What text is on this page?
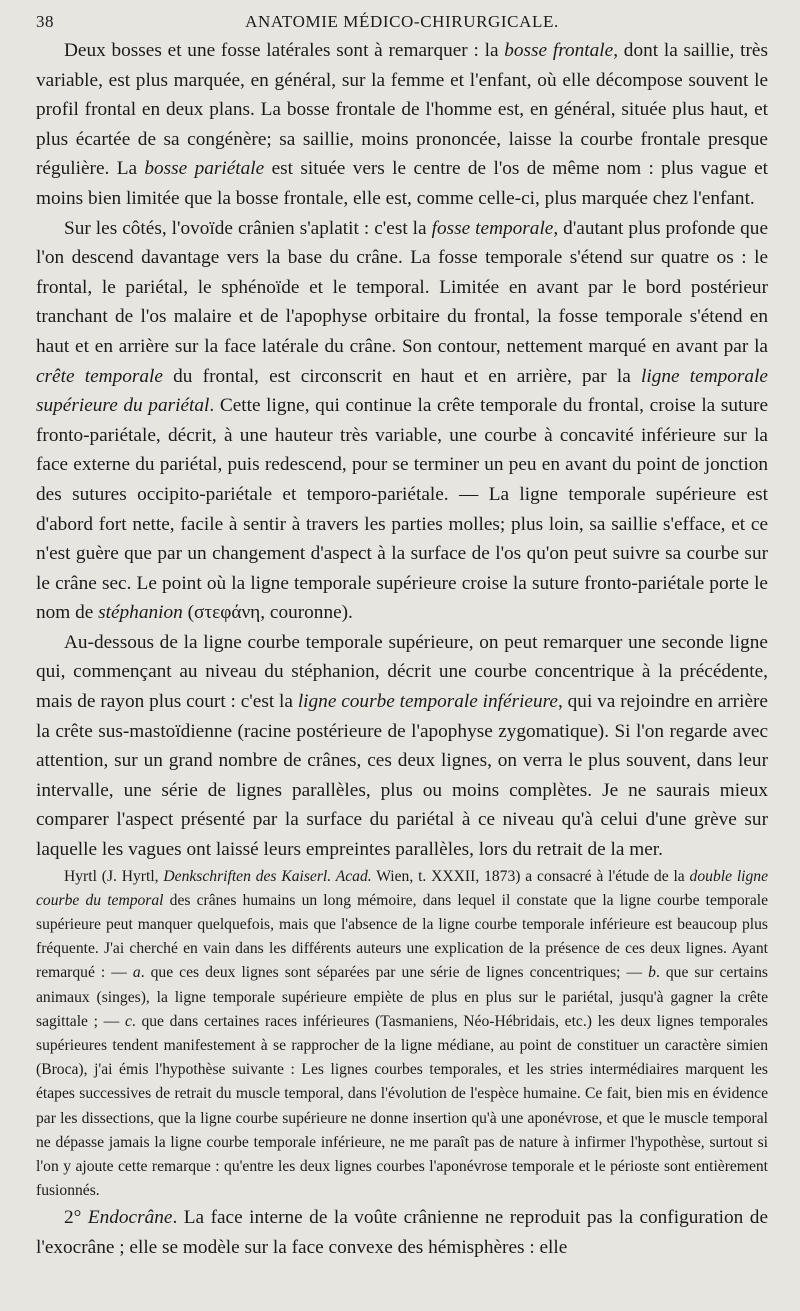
38	ANATOMIE MÉDICO-CHIRURGICALE.

Deux bosses et une fosse latérales sont à remarquer : la bosse frontale, dont la saillie, très variable, est plus marquée, en général, sur la femme et l'enfant, où elle décompose souvent le profil frontal en deux plans. La bosse frontale de l'homme est, en général, située plus haut, et plus écartée de sa congénère; sa saillie, moins prononcée, laisse la courbe frontale presque régulière. La bosse pariétale est située vers le centre de l'os de même nom : plus vague et moins bien limitée que la bosse frontale, elle est, comme celle-ci, plus marquée chez l'enfant.

Sur les côtés, l'ovoïde crânien s'aplatit : c'est la fosse temporale, d'autant plus profonde que l'on descend davantage vers la base du crâne. La fosse temporale s'étend sur quatre os : le frontal, le pariétal, le sphénoïde et le temporal. Limitée en avant par le bord postérieur tranchant de l'os malaire et de l'apophyse orbitaire du frontal, la fosse temporale s'étend en haut et en arrière sur la face latérale du crâne. Son contour, nettement marqué en avant par la crête temporale du frontal, est circonscrit en haut et en arrière, par la ligne temporale supérieure du pariétal. Cette ligne, qui continue la crête temporale du frontal, croise la suture fronto-pariétale, décrit, à une hauteur très variable, une courbe à concavité inférieure sur la face externe du pariétal, puis redescend, pour se terminer un peu en avant du point de jonction des sutures occipito-pariétale et temporo-pariétale. — La ligne temporale supérieure est d'abord fort nette, facile à sentir à travers les parties molles; plus loin, sa saillie s'efface, et ce n'est guère que par un changement d'aspect à la surface de l'os qu'on peut suivre sa courbe sur le crâne sec. Le point où la ligne temporale supérieure croise la suture fronto-pariétale porte le nom de stéphanion (στεφάνη, couronne).

Au-dessous de la ligne courbe temporale supérieure, on peut remarquer une seconde ligne qui, commençant au niveau du stéphanion, décrit une courbe concentrique à la précédente, mais de rayon plus court : c'est la ligne courbe temporale inférieure, qui va rejoindre en arrière la crête sus-mastoïdienne (racine postérieure de l'apophyse zygomatique). Si l'on regarde avec attention, sur un grand nombre de crânes, ces deux lignes, on verra le plus souvent, dans leur intervalle, une série de lignes parallèles, plus ou moins complètes. Je ne saurais mieux comparer l'aspect présenté par la surface du pariétal à ce niveau qu'à celui d'une grève sur laquelle les vagues ont laissé leurs empreintes parallèles, lors du retrait de la mer.

Hyrtl (J. Hyrtl, Denkschriften des Kaiserl. Acad. Wien, t. XXXII, 1873) a consacré à l'étude de la double ligne courbe du temporal des crânes humains un long mémoire, dans lequel il constate que la ligne courbe temporale supérieure peut manquer quelquefois, mais que l'absence de la ligne courbe temporale inférieure est beaucoup plus fréquente. J'ai cherché en vain dans les différents auteurs une explication de la présence de ces deux lignes. Ayant remarqué : — a. que ces deux lignes sont séparées par une série de lignes concentriques; — b. que sur certains animaux (singes), la ligne temporale supérieure empiète de plus en plus sur le pariétal, jusqu'à gagner la crête sagittale ; — c. que dans certaines races inférieures (Tasmaniens, Néo-Hébridais, etc.) les deux lignes temporales supérieures tendent manifestement à se rapprocher de la ligne médiane, au point de constituer un caractère simien (Broca), j'ai émis l'hypothèse suivante : Les lignes courbes temporales, et les stries intermédiaires marquent les étapes successives de retrait du muscle temporal, dans l'évolution de l'espèce humaine. Ce fait, bien mis en évidence par les dissections, que la ligne courbe supérieure ne donne insertion qu'à une aponévrose, et que le muscle temporal ne dépasse jamais la ligne courbe temporale inférieure, ne me paraît pas de nature à infirmer l'hypothèse, surtout si l'on y ajoute cette remarque : qu'entre les deux lignes courbes l'aponévrose temporale et le périoste sont entièrement fusionnés.

2° Endocrâne. La face interne de la voûte crânienne ne reproduit pas la configuration de l'exocrâne ; elle se modèle sur la face convexe des hémisphères : elle
